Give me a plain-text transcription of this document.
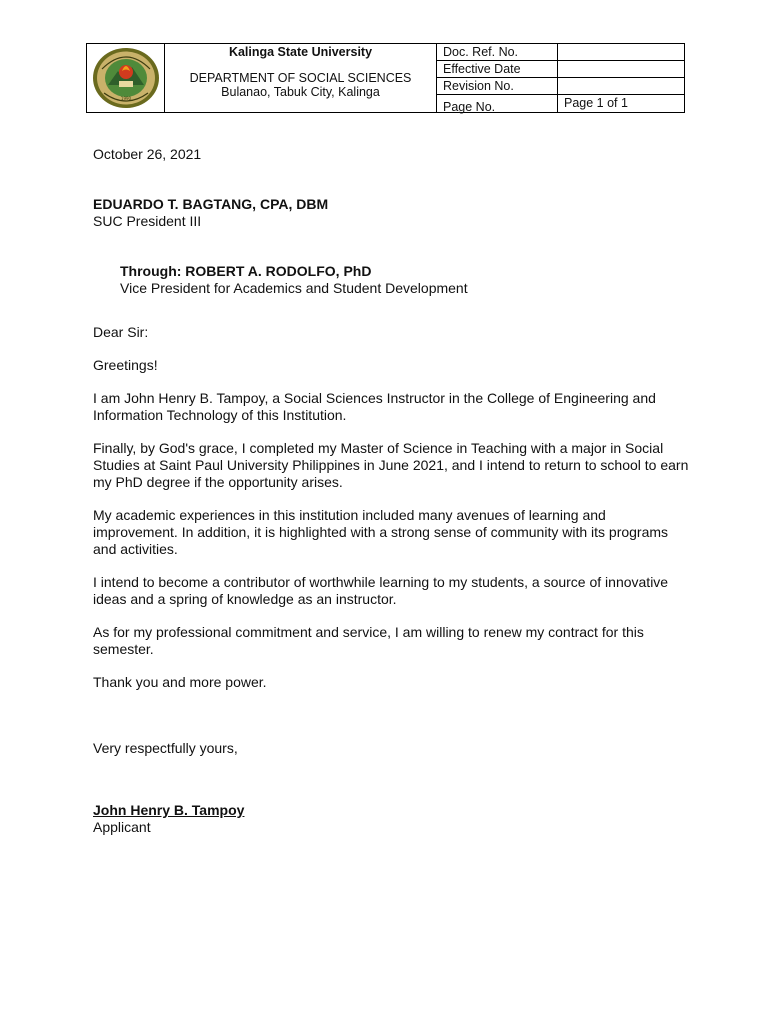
1990
Kalinga State University
DEPARTMENT OF SOCIAL SCIENCES
Bulanao, Tabuk City, Kalinga
Doc. Ref. No.
Effective Date
Revision No.
Page No.	Page 1 of 1

October 26, 2021

EDUARDO T. BAGTANG, CPA, DBM

SUC President III

Through: ROBERT A. RODOLFO, PhD

Vice President for Academics and Student Development

Dear Sir:

Greetings!

I am John Henry B. Tampoy, a Social Sciences Instructor in the College of Engineering and Information Technology of this Institution.

Finally, by God's grace, I completed my Master of Science in Teaching with a major in Social Studies at Saint Paul University Philippines in June 2021, and I intend to return to school to earn my PhD degree if the opportunity arises.

My academic experiences in this institution included many avenues of learning and improvement. In addition, it is highlighted with a strong sense of community with its programs and activities.

I intend to become a contributor of worthwhile learning to my students, a source of innovative ideas and a spring of knowledge as an instructor.

As for my professional commitment and service, I am willing to renew my contract for this semester.

Thank you and more power.

Very respectfully yours,

John Henry B. Tampoy

Applicant
